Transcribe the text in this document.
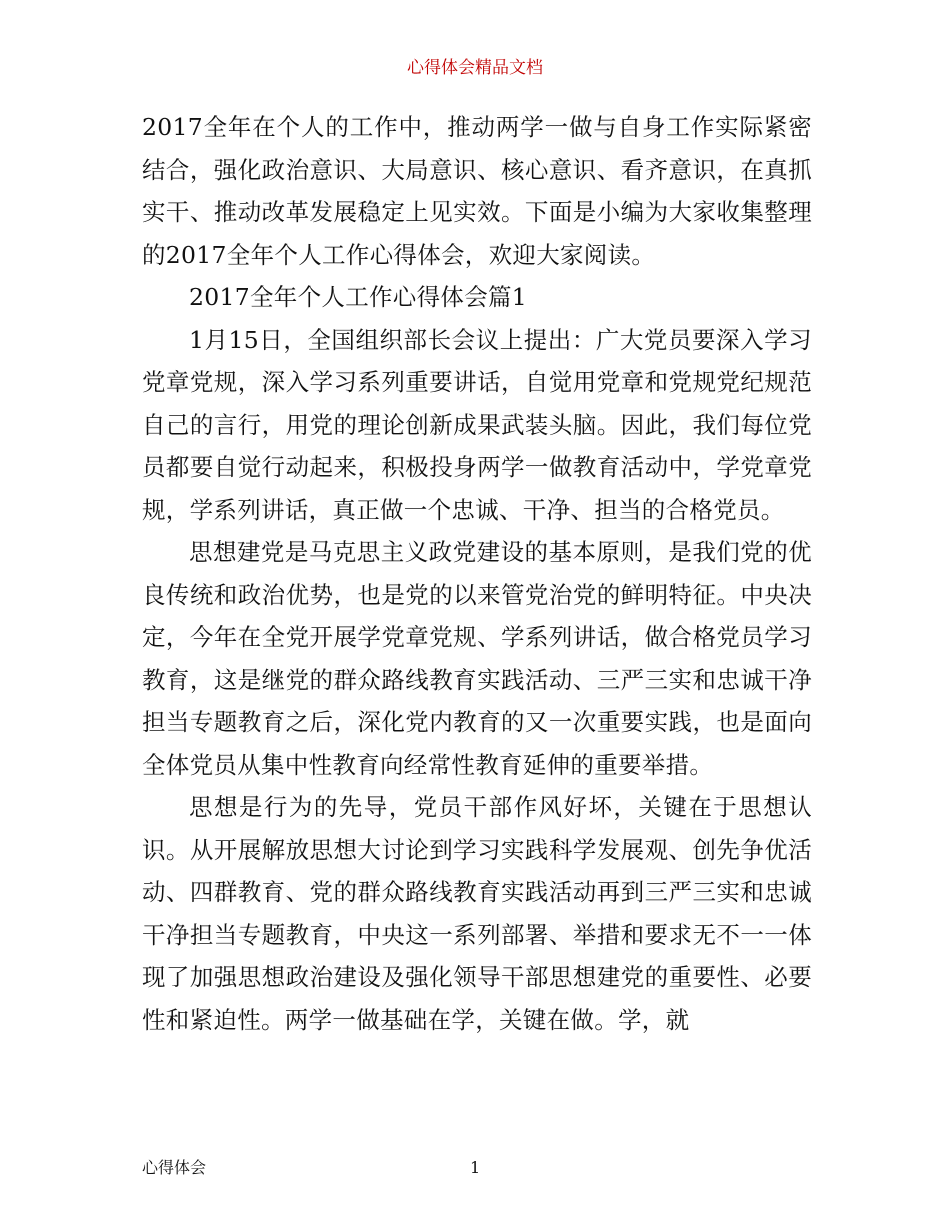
心得体会精品文档

2017全年在个人的工作中，推动两学一做与自身工作实际紧密结合，强化政治意识、大局意识、核心意识、看齐意识，在真抓实干、推动改革发展稳定上见实效。下面是小编为大家收集整理的2017全年个人工作心得体会，欢迎大家阅读。

2017全年个人工作心得体会篇1

1月15日，全国组织部长会议上提出：广大党员要深入学习党章党规，深入学习系列重要讲话，自觉用党章和党规党纪规范自己的言行，用党的理论创新成果武装头脑。因此，我们每位党员都要自觉行动起来，积极投身两学一做教育活动中，学党章党规，学系列讲话，真正做一个忠诚、干净、担当的合格党员。

思想建党是马克思主义政党建设的基本原则，是我们党的优良传统和政治优势，也是党的以来管党治党的鲜明特征。中央决定，今年在全党开展学党章党规、学系列讲话，做合格党员学习教育，这是继党的群众路线教育实践活动、三严三实和忠诚干净担当专题教育之后，深化党内教育的又一次重要实践，也是面向全体党员从集中性教育向经常性教育延伸的重要举措。

思想是行为的先导，党员干部作风好坏，关键在于思想认识。从开展解放思想大讨论到学习实践科学发展观、创先争优活动、四群教育、党的群众路线教育实践活动再到三严三实和忠诚干净担当专题教育，中央这一系列部署、举措和要求无不一一体现了加强思想政治建设及强化领导干部思想建党的重要性、必要性和紧迫性。两学一做基础在学，关键在做。学，就

心得体会	1
